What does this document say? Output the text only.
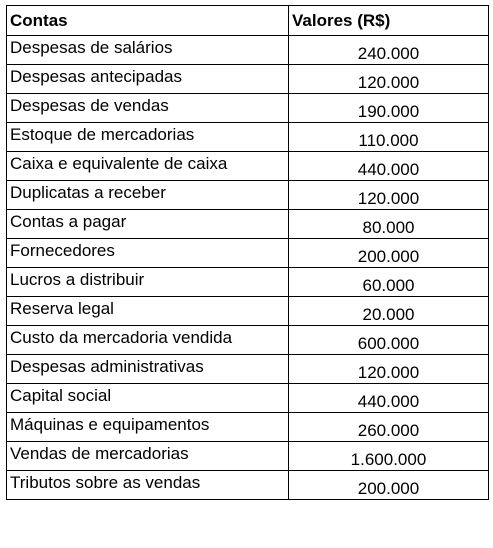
Contas	Valores (R$)
Despesas de salários	240.000
Despesas antecipadas	120.000
Despesas de vendas	190.000
Estoque de mercadorias	110.000
Caixa e equivalente de caixa	440.000
Duplicatas a receber	120.000
Contas a pagar	80.000
Fornecedores	200.000
Lucros a distribuir	60.000
Reserva legal	20.000
Custo da mercadoria vendida	600.000
Despesas administrativas	120.000
Capital social	440.000
Máquinas e equipamentos	260.000
Vendas de mercadorias	1.600.000
Tributos sobre as vendas	200.000
